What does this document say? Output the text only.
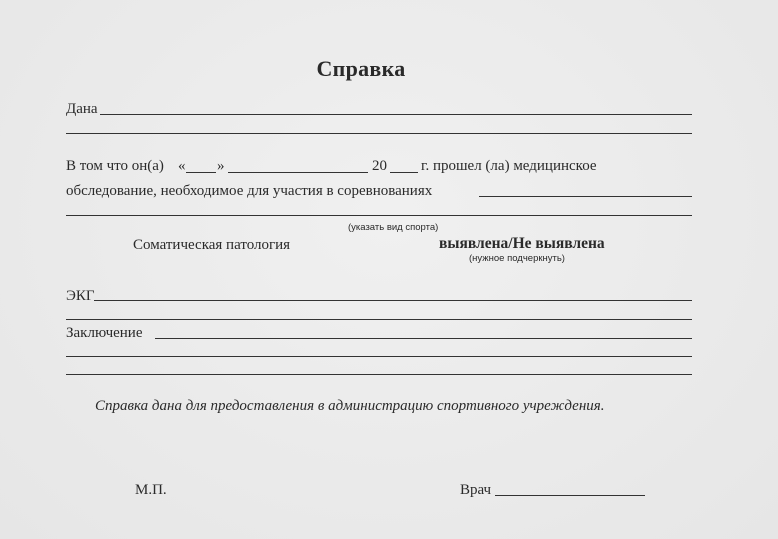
Справка
Дана
В том что он(а) « »	20 г. прошел (ла) медицинское
обследование, необходимое для участия в соревнованиях
(указать вид спорта)
Соматическая патология	выявлена/Не выявлена
(нужное подчеркнуть)
ЭКГ
Заключение
Справка дана для предоставления в администрацию спортивного учреждения.
М.П.	Врач
